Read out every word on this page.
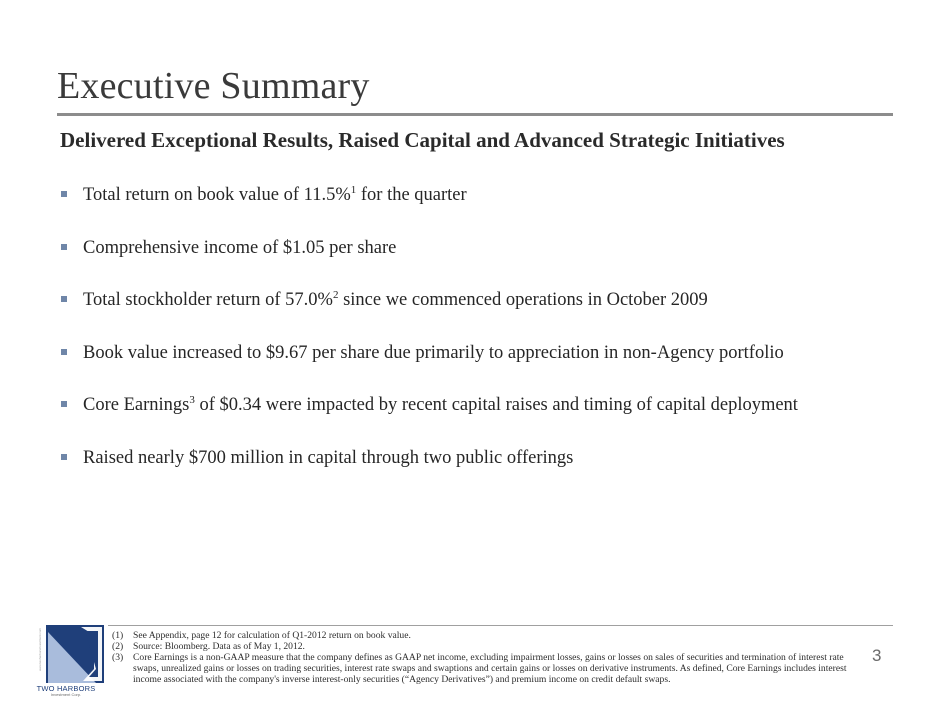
Executive Summary
Delivered Exceptional Results, Raised Capital and Advanced Strategic Initiatives
Total return on book value of 11.5%$^1$ for the quarter
Comprehensive income of $1.05 per share
Total stockholder return of 57.0%$^2$ since we commenced operations in October 2009
Book value increased to $9.67 per share due primarily to appreciation in non-Agency portfolio
Core Earnings$^3$ of $0.34 were impacted by recent capital raises and timing of capital deployment
Raised nearly $700 million in capital through two public offerings
www.twoharborsinvestment.com
TWO HARBORS
Investment Corp.
(1) See Appendix, page 12 for calculation of Q1-2012 return on book value.
(2) Source: Bloomberg. Data as of May 1, 2012.
(3) Core Earnings is a non-GAAP measure that the company defines as GAAP net income, excluding impairment losses, gains or losses on sales of securities and termination of interest rate swaps, unrealized gains or losses on trading securities, interest rate swaps and swaptions and certain gains or losses on derivative instruments. As defined, Core Earnings includes interest income associated with the company's inverse interest-only securities (“Agency Derivatives”) and premium income on credit default swaps.
3
